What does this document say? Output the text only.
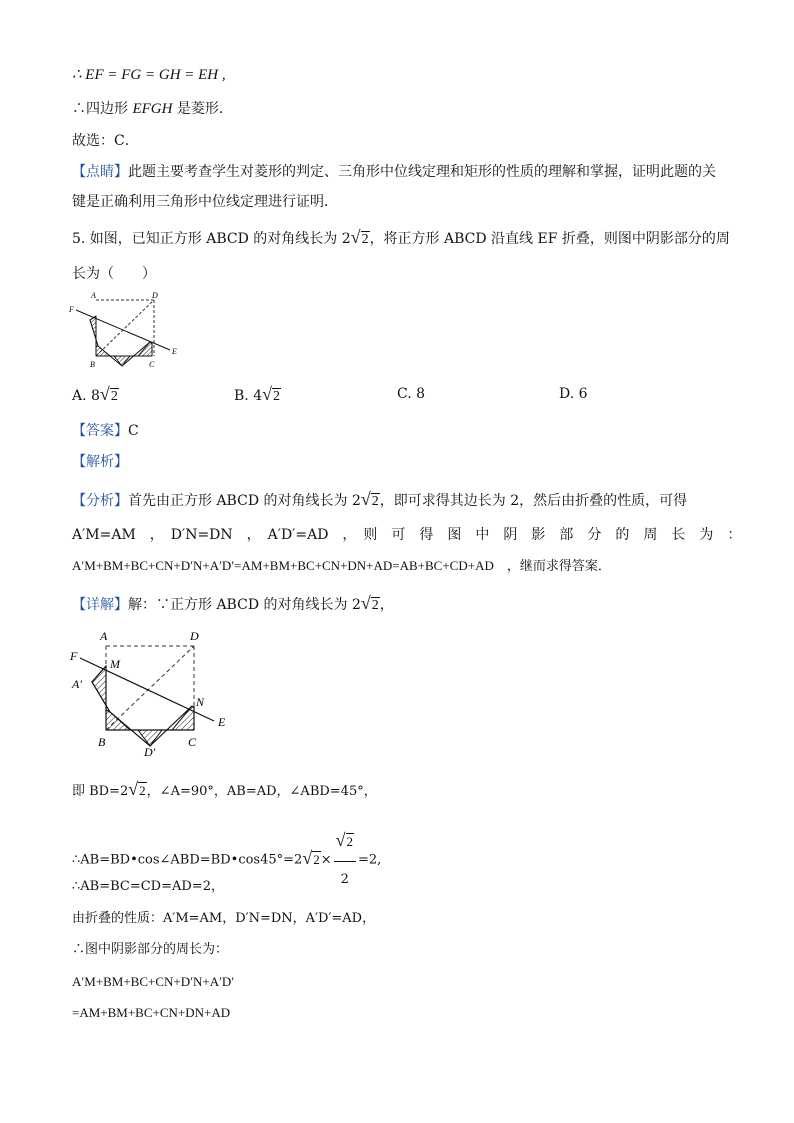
∴ EF = FG = GH = EH ,
∴四边形 EFGH 是菱形．
故选：C．
【点睛】此题主要考查学生对菱形的判定、三角形中位线定理和矩形的性质的理解和掌握，证明此题的关
键是正确利用三角形中位线定理进行证明．
5. 如图，已知正方形 ABCD 的对角线长为 2√2，将正方形 ABCD 沿直线 EF 折叠，则图中阴影部分的周
长为（　　）
A	D
F
B	C
E
A. 8√2	B. 4√2	C. 8	D. 6
【答案】C
【解析】
【分析】首先由正方形 ABCD 的对角线长为 2√2，即可求得其边长为 2，然后由折叠的性质，可得
A′M=AM　，　D′N=DN　，　A′D′=AD　，　则　可　得　图　中　阴　影　部　分　的　周　长　为　：
A′M+BM+BC+CN+D′N+A′D′=AM+BM+BC+CN+DN+AD=AB+BC+CD+AD　 ，继而求得答案．
【详解】解：∵正方形 ABCD 的对角线长为 2√2，
A	D
F
M
A′
N
E
B	C
D′
即 BD=2√2，∠A=90°，AB=AD，∠ABD=45°，
∴AB=BD•cos∠ABD=BD•cos45°=2√2× $\frac{√2}{2} =2$,
∴AB=BC=CD=AD=2，
由折叠的性质：A′M=AM，D′N=DN，A′D′=AD，
∴图中阴影部分的周长为：
A′M+BM+BC+CN+D′N+A′D′
=AM+BM+BC+CN+DN+AD
